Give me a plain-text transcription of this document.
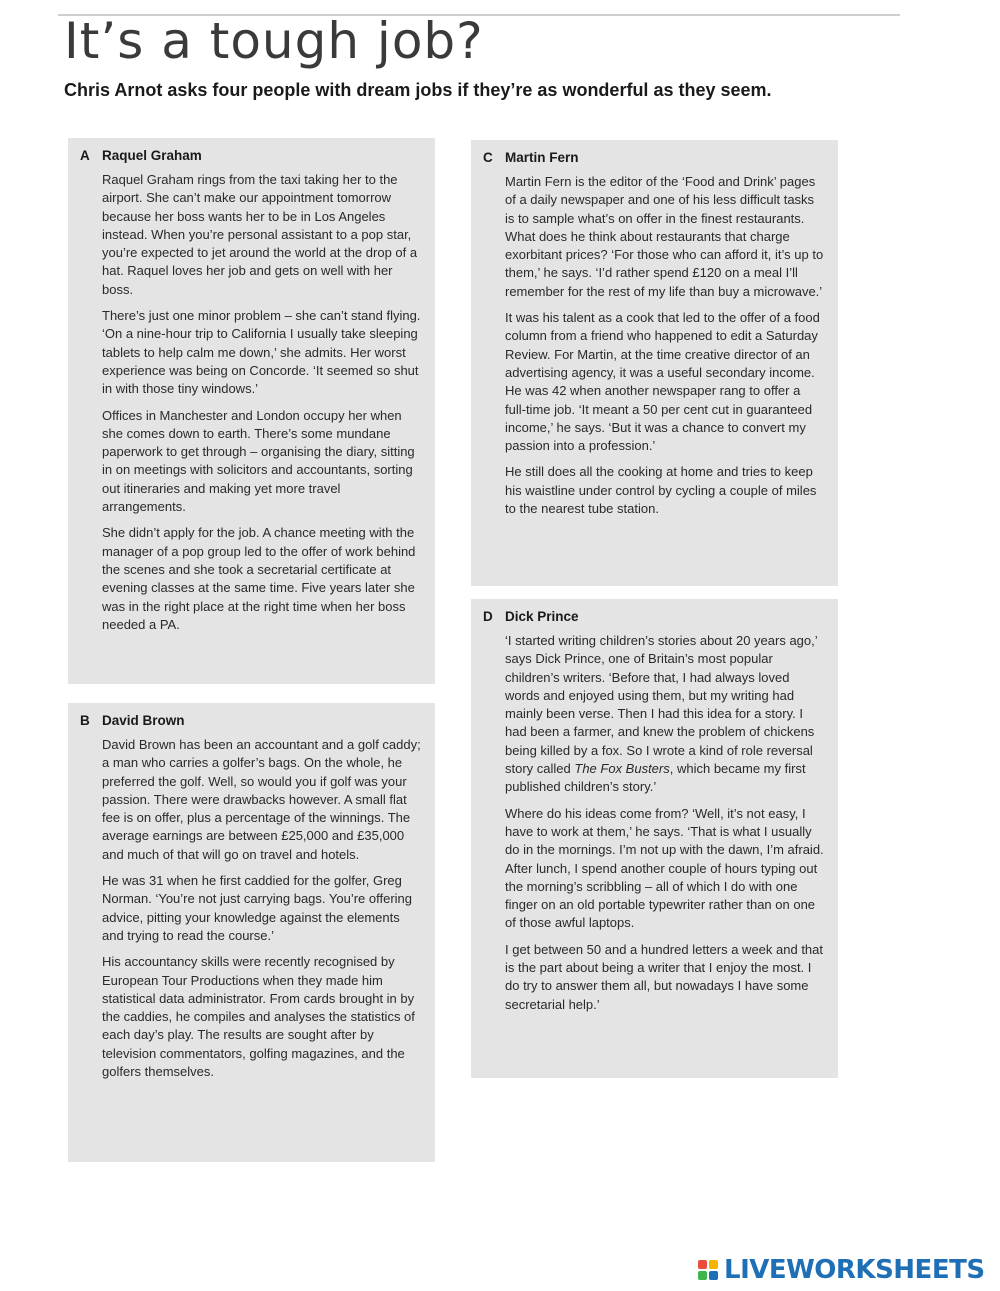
It’s a tough job?

Chris Arnot asks four people with dream jobs if they’re as wonderful as they seem.

A Raquel Graham

Raquel Graham rings from the taxi taking her to the airport. She can’t make our appointment tomorrow because her boss wants her to be in Los Angeles instead. When you’re personal assistant to a pop star, you’re expected to jet around the world at the drop of a hat. Raquel loves her job and gets on well with her boss.

There’s just one minor problem – she can’t stand flying. ‘On a nine-hour trip to California I usually take sleeping tablets to help calm me down,’ she admits. Her worst experience was being on Concorde. ‘It seemed so shut in with those tiny windows.’

Offices in Manchester and London occupy her when she comes down to earth. There’s some mundane paperwork to get through – organising the diary, sitting in on meetings with solicitors and accountants, sorting out itineraries and making yet more travel arrangements.

She didn’t apply for the job. A chance meeting with the manager of a pop group led to the offer of work behind the scenes and she took a secretarial certificate at evening classes at the same time. Five years later she was in the right place at the right time when her boss needed a PA.

B David Brown

David Brown has been an accountant and a golf caddy; a man who carries a golfer’s bags. On the whole, he preferred the golf. Well, so would you if golf was your passion. There were drawbacks however. A small flat fee is on offer, plus a percentage of the winnings. The average earnings are between £25,000 and £35,000 and much of that will go on travel and hotels.

He was 31 when he first caddied for the golfer, Greg Norman. ‘You’re not just carrying bags. You’re offering advice, pitting your knowledge against the elements and trying to read the course.’

His accountancy skills were recently recognised by European Tour Productions when they made him statistical data administrator. From cards brought in by the caddies, he compiles and analyses the statistics of each day’s play. The results are sought after by television commentators, golfing magazines, and the golfers themselves.

C Martin Fern

Martin Fern is the editor of the ‘Food and Drink’ pages of a daily newspaper and one of his less difficult tasks is to sample what’s on offer in the finest restaurants. What does he think about restaurants that charge exorbitant prices? ‘For those who can afford it, it’s up to them,’ he says. ‘I’d rather spend £120 on a meal I’ll remember for the rest of my life than buy a microwave.’

It was his talent as a cook that led to the offer of a food column from a friend who happened to edit a Saturday Review. For Martin, at the time creative director of an advertising agency, it was a useful secondary income. He was 42 when another newspaper rang to offer a full-time job. ‘It meant a 50 per cent cut in guaranteed income,’ he says. ‘But it was a chance to convert my passion into a profession.’

He still does all the cooking at home and tries to keep his waistline under control by cycling a couple of miles to the nearest tube station.

D Dick Prince

‘I started writing children’s stories about 20 years ago,’ says Dick Prince, one of Britain’s most popular children’s writers. ‘Before that, I had always loved words and enjoyed using them, but my writing had mainly been verse. Then I had this idea for a story. I had been a farmer, and knew the problem of chickens being killed by a fox. So I wrote a kind of role reversal story called The Fox Busters, which became my first published children’s story.’

Where do his ideas come from? ‘Well, it’s not easy, I have to work at them,’ he says. ‘That is what I usually do in the mornings. I’m not up with the dawn, I’m afraid. After lunch, I spend another couple of hours typing out the morning’s scribbling – all of which I do with one finger on an old portable typewriter rather than on one of those awful laptops.

I get between 50 and a hundred letters a week and that is the part about being a writer that I enjoy the most. I do try to answer them all, but nowadays I have some secretarial help.’

LIVEWORKSHEETS
